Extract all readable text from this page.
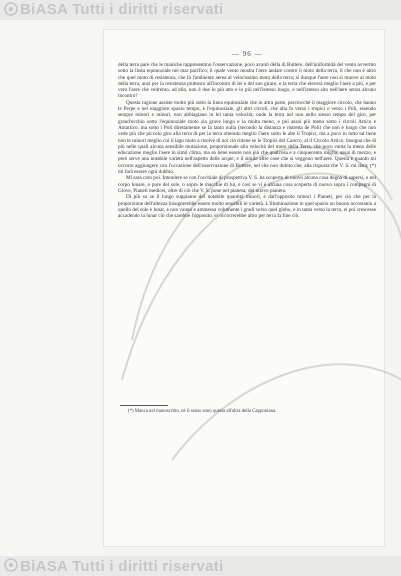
BiASA Tutti i diritti riservati
— 96 —

della terra pare che le maniche rappresentino l'osservazione, poco avanti della di Buttere, dell'uniformità del vento avvertito sotto la linea equinoziale nel mar pacifico; il quale vento mostra l'aere andare contro il moto della terra, il che non è altro che quel moto di resistenza, che fa l'ambiente aerea al velocissimo moto della terra; sì dunque l'aere non si muove al moto della terra, anzi per la resistenza piuttosto all'incontro di lei e del suo girare, e la terra che eleverà meglio l'aere a più, e per vero l'aere che vedremo, ad ella, non è due lo più atto e lo più nell'istesso luogo, e nell'istesso sito nell'aere senza alcuno incontro?

Questa ragione assiste molto più sotto la linea equinoziale che in altra parte, perciocchè il maggiore circolo, che hanno le Perpe e nel maggiore spazio tempo, è l'equinoziale, gli altri circoli, che alla fa verso i tropici o verso i Poli, essendo sempre minori e minori, non abbiagiano in lei tanta velocità; onde la terra nel non nello stesso tempo del giro, per grand'occhio sotto l'equinoziale moto sia grave lungo e la molta meno, e poi assai più meno sotto i circoli Artico e Antartico, ma sotto i Poli direttamente se fa tanto nulla (secondo la distanza e ristretta de Poli) che non è luogo che non vede più che piccolo giro alla terra di per la terra ottenuto meglio l'aere sotto le alte il Tropici, ma a poco in tutto tal bene non le minori meglio cui il lago moto a risolve di noi ciò ritiene se le Tropici del Cancro, al il Circolo Artico, bisogna che di più nelle quali alcuna sensibile mutazione, proporzionale alla velocità del moto della Terra, che poco vanta la meno delle educazione meglio l'aere in simil clima, ma so bene essere non più che qualcosa e a cinquecento miglia, assai di mezzo, e però serve una notabile varietà nell'aspetto delle acque, e il simile altre cose che si veggono nell'aere. Questa è quanto mi occorre aggiungere con l'occasione dell'osservazione di Buttere, nel che non dubito che, alla risposta che V. S. mi darà; (*) mi farà essere ogni dubbio.

Mi sarà caro poi. Intendere se con l'occhiale di prospettiva V. S. ha scoperto di nuovo alcuna cosa degna di sapersi, o nel corpo lunare, o pure del sole, o sopra le macchie di lui, e così se vi è alcuna cosa scoperta di nuovo sopra i compagni di Giove, Pianeti medicei, oltre di ciò che V. S. pone nel pianeta; del nuovo pianeta.

Di più so se il lungo suppiamo del notabile quantità minori, e dall'opposito minori i Pianeti, per ciò che per la proporzione dell'altezza bisognerebbe essere molto sensibili le varietà. L'illuminazione in quel spazio un buono accostanio a quello del sole è lunar, e non vanno e ammessa volumente i gradi verso quel globo, e in tanta verso la terra, ei poi crescesse accadendo la lunar ciò che sarebbe l'opposito, ei occorrerebbe altro per terra fa fine ciò.

(*) Manca nel manoscritto, nè il senso sono questa all'altra della Capponiana.
BiASA Tutti i diritti riservati
